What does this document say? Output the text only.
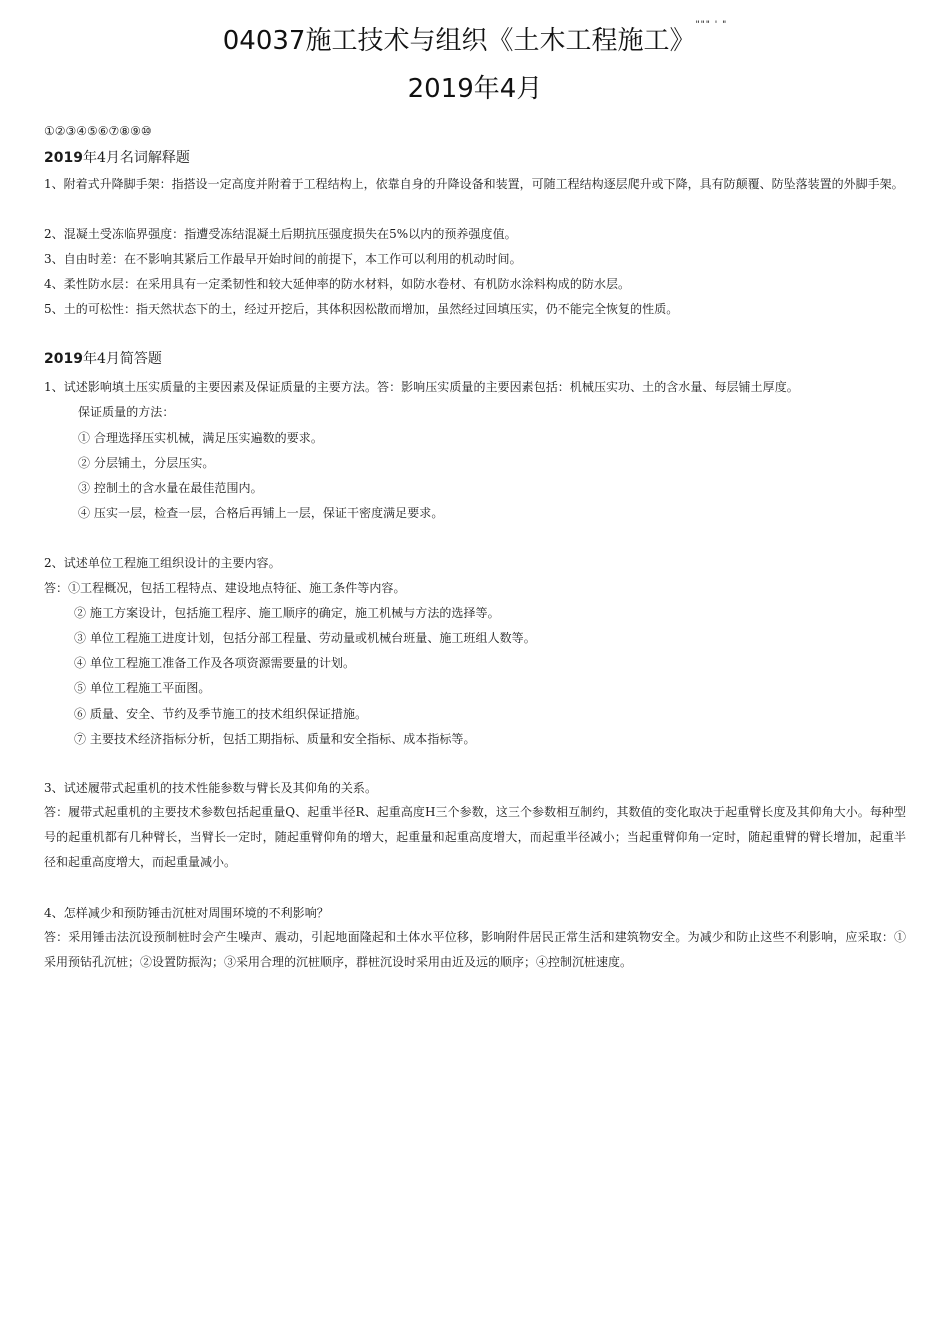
04037施工技术与组织《土木工程施工》""" ' "
2019年4月
①②③④⑤⑥⑦⑧⑨⑩
2019年4月名词解释题
1、附着式升降脚手架：指搭设一定高度并附着于工程结构上，依靠自身的升降设备和装置，可随工程结构逐层爬升或下降，具有防颠覆、防坠落装置的外脚手架。
2、混凝土受冻临界强度：指遭受冻结混凝土后期抗压强度损失在5%以内的预养强度值。
3、自由时差：在不影响其紧后工作最早开始时间的前提下，本工作可以利用的机动时间。
4、柔性防水层：在采用具有一定柔韧性和较大延伸率的防水材料，如防水卷材、有机防水涂料构成的防水层。
5、土的可松性：指天然状态下的土，经过开挖后，其体积因松散而增加，虽然经过回填压实，仍不能完全恢复的性质。
2019年4月简答题
1、试述影响填土压实质量的主要因素及保证质量的主要方法。答：影响压实质量的主要因素包括：机械压实功、土的含水量、每层铺土厚度。
保证质量的方法：
① 合理选择压实机械，满足压实遍数的要求。
② 分层铺土，分层压实。
③ 控制土的含水量在最佳范围内。
④ 压实一层，检查一层，合格后再铺上一层，保证干密度满足要求。
2、试述单位工程施工组织设计的主要内容。
答：①工程概况，包括工程特点、建设地点特征、施工条件等内容。
② 施工方案设计，包括施工程序、施工顺序的确定，施工机械与方法的选择等。
③ 单位工程施工进度计划，包括分部工程量、劳动量或机械台班量、施工班组人数等。
④ 单位工程施工准备工作及各项资源需要量的计划。
⑤ 单位工程施工平面图。
⑥ 质量、安全、节约及季节施工的技术组织保证措施。
⑦ 主要技术经济指标分析，包括工期指标、质量和安全指标、成本指标等。
3、试述履带式起重机的技术性能参数与臂长及其仰角的关系。
答：履带式起重机的主要技术参数包括起重量Q、起重半径R、起重高度H三个参数，这三个参数相互制约，其数值的变化取决于起重臂长度及其仰角大小。每种型号的起重机都有几种臂长，当臂长一定时，随起重臂仰角的增大，起重量和起重高度增大，而起重半径减小；当起重臂仰角一定时，随起重臂的臂长增加，起重半径和起重高度增大，而起重量减小。
4、怎样减少和预防锤击沉桩对周围环境的不利影响？
答：采用锤击法沉设预制桩时会产生噪声、震动，引起地面隆起和土体水平位移，影响附件居民正常生活和建筑物安全。为减少和防止这些不利影响，应采取：①采用预钻孔沉桩；②设置防振沟；③采用合理的沉桩顺序，群桩沉设时采用由近及远的顺序；④控制沉桩速度。
